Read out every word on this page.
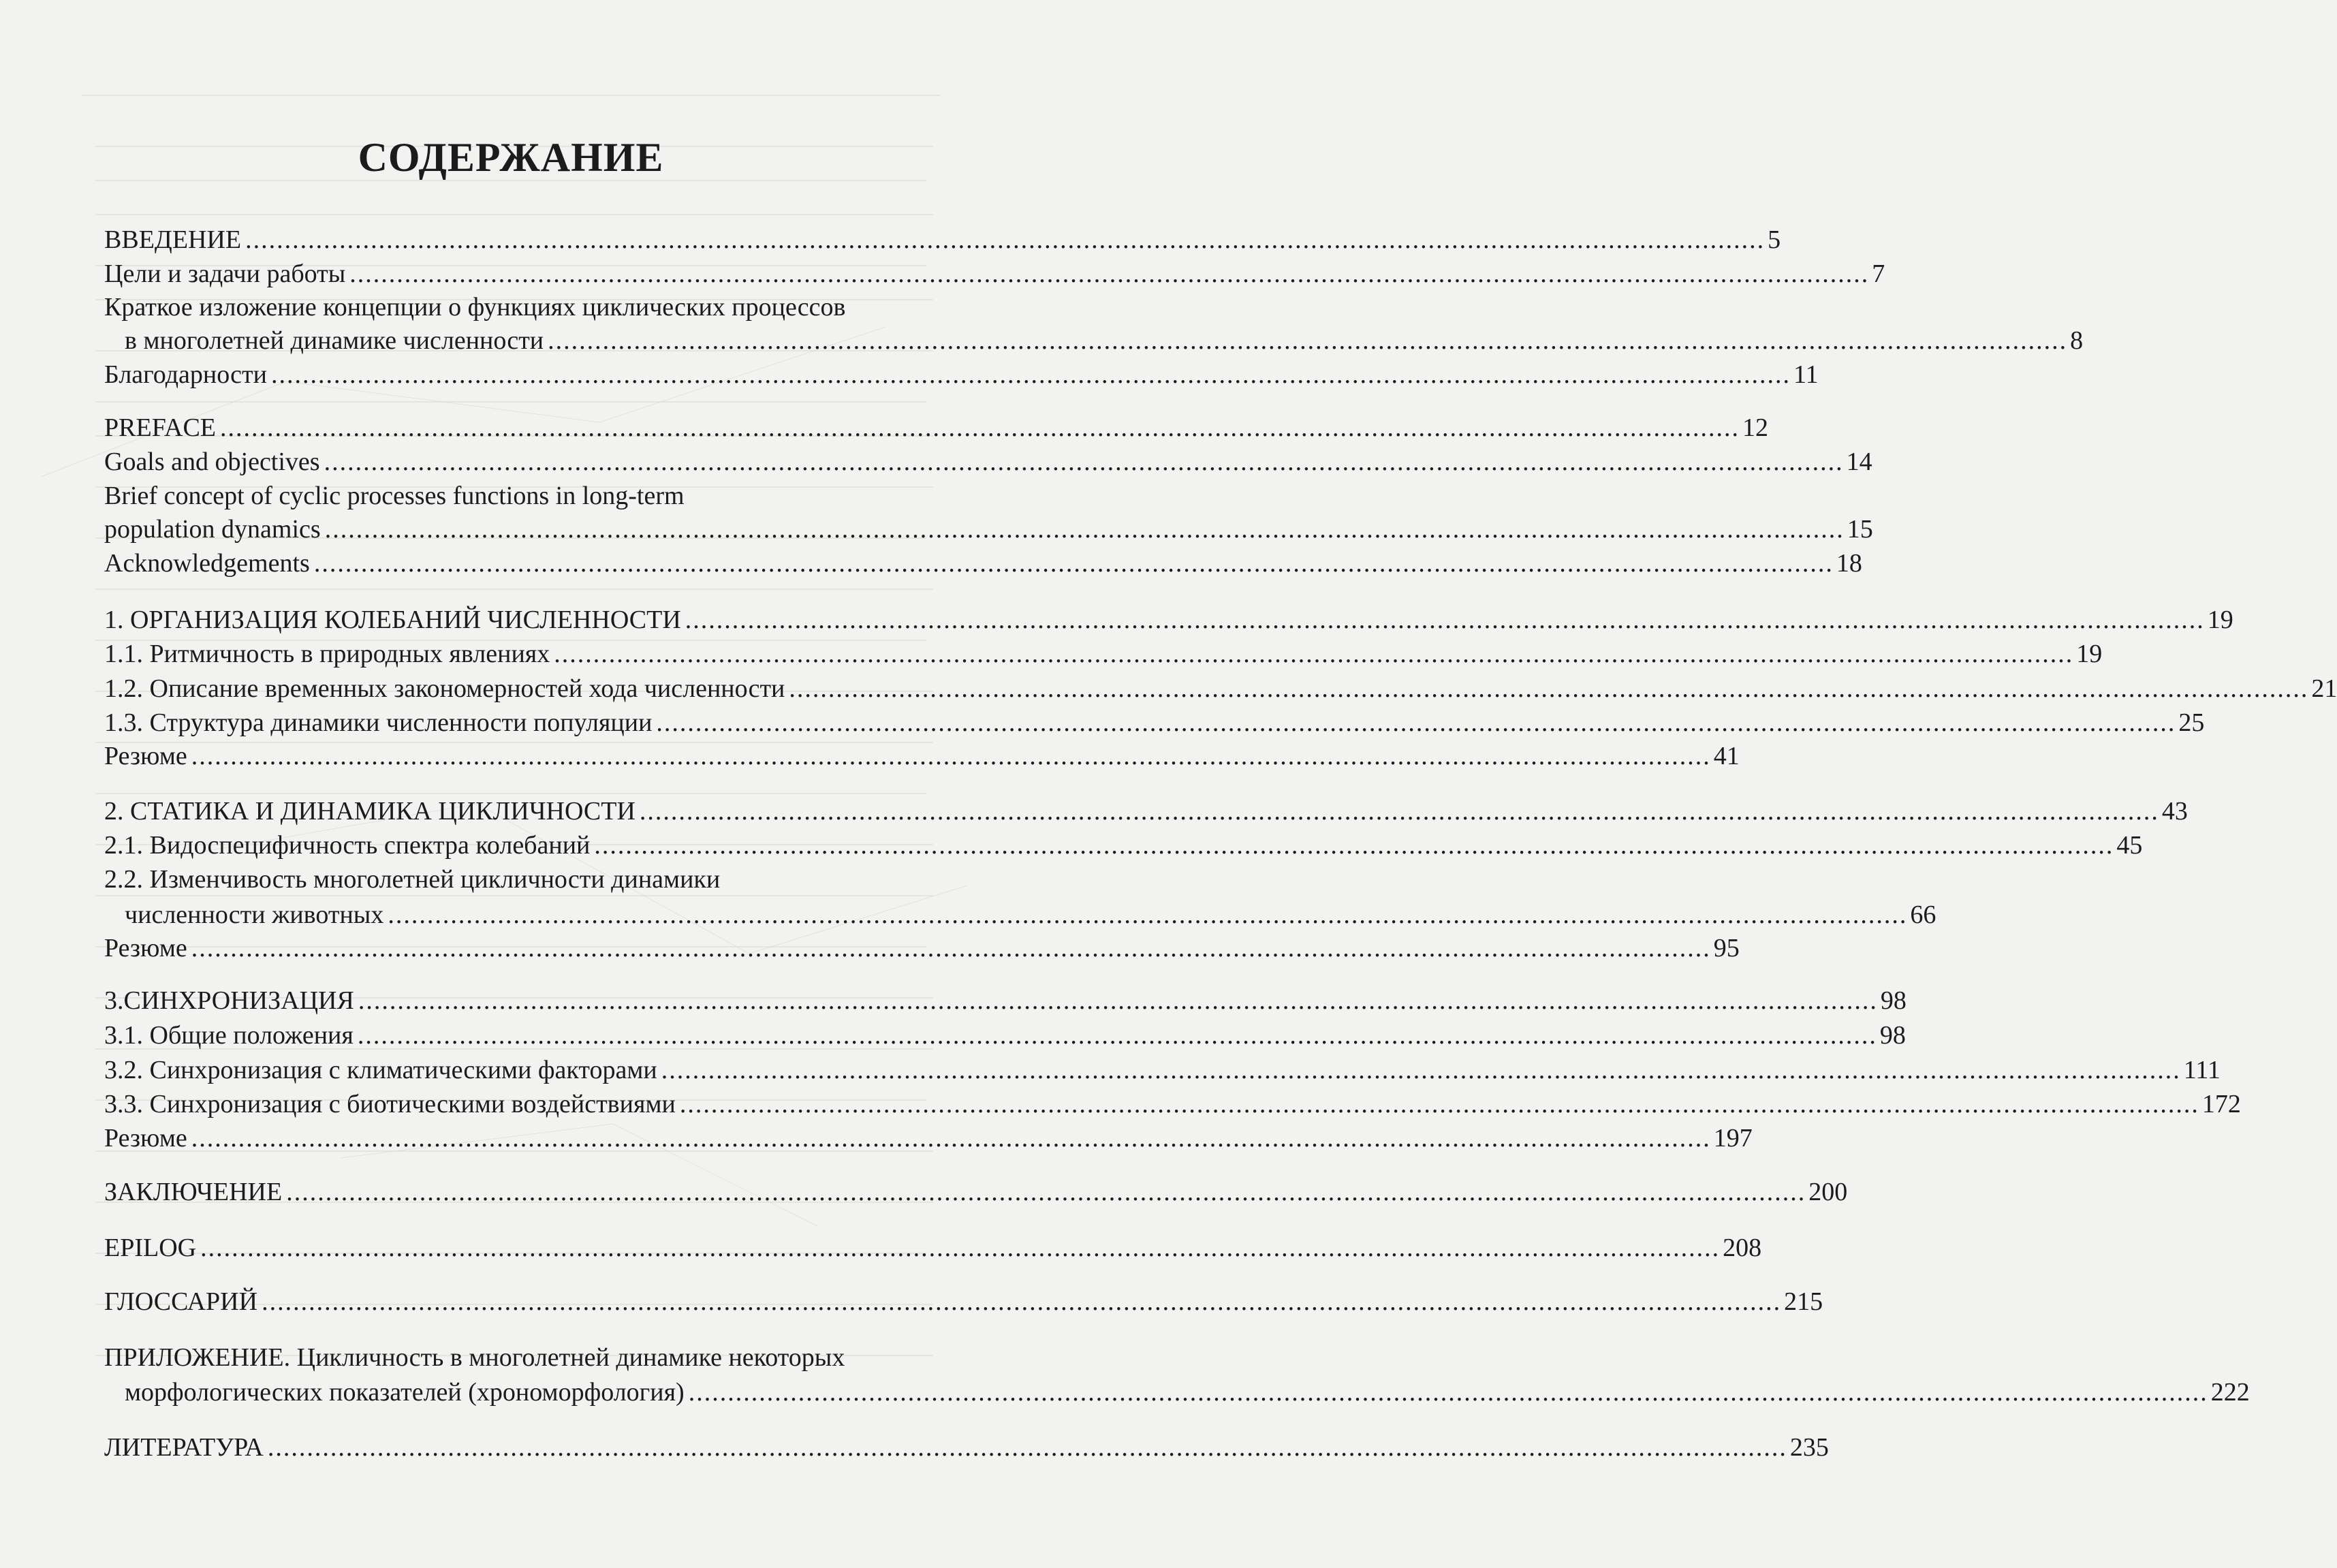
СОДЕРЖАНИЕ
ВВЕДЕНИЕ .................................................................................................................................................................................................. 5
Цели и задачи работы .................................................................................................................................................................................................. 7
Краткое изложение концепции о функциях циклических процессов
в многолетней динамике численности .................................................................................................................................................................................................. 8
Благодарности .................................................................................................................................................................................................. 11
PREFACE .................................................................................................................................................................................................. 12
Goals and objectives .................................................................................................................................................................................................. 14
Brief concept of cyclic processes functions in long-term
population dynamics .................................................................................................................................................................................................. 15
Acknowledgements .................................................................................................................................................................................................. 18
1. ОРГАНИЗАЦИЯ КОЛЕБАНИЙ ЧИСЛЕННОСТИ .................................................................................................................................................................................................. 19
1.1. Ритмичность в природных явлениях .................................................................................................................................................................................................. 19
1.2. Описание временных закономерностей хода численности .................................................................................................................................................................................................. 21
1.3. Структура динамики численности популяции .................................................................................................................................................................................................. 25
Резюме .................................................................................................................................................................................................. 41
2. СТАТИКА И ДИНАМИКА ЦИКЛИЧНОСТИ .................................................................................................................................................................................................. 43
2.1. Видоспецифичность спектра колебаний .................................................................................................................................................................................................. 45
2.2. Изменчивость многолетней цикличности динамики
численности животных .................................................................................................................................................................................................. 66
Резюме .................................................................................................................................................................................................. 95
3.СИНХРОНИЗАЦИЯ .................................................................................................................................................................................................. 98
3.1. Общие положения .................................................................................................................................................................................................. 98
3.2. Синхронизация с климатическими факторами .................................................................................................................................................................................................. 111
3.3. Синхронизация с биотическими воздействиями .................................................................................................................................................................................................. 172
Резюме .................................................................................................................................................................................................. 197
ЗАКЛЮЧЕНИЕ .................................................................................................................................................................................................. 200
EPILOG .................................................................................................................................................................................................. 208
ГЛОССАРИЙ .................................................................................................................................................................................................. 215
ПРИЛОЖЕНИЕ. Цикличность в многолетней динамике некоторых
морфологических показателей (хрономорфология) .................................................................................................................................................................................................. 222
ЛИТЕРАТУРА .................................................................................................................................................................................................. 235
